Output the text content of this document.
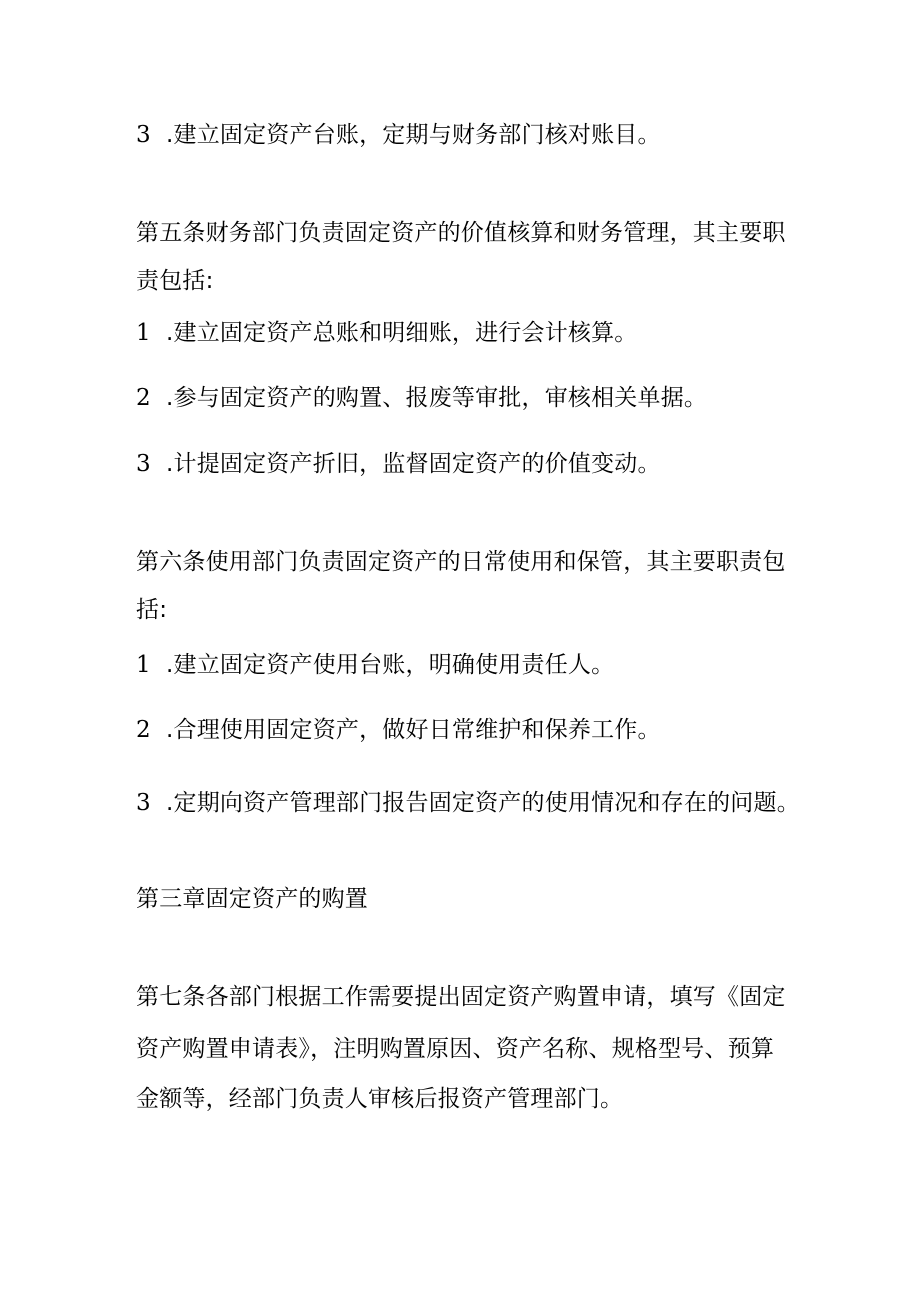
3 .建立固定资产台账，定期与财务部门核对账目。
第五条财务部门负责固定资产的价值核算和财务管理，其主要职
责包括:
1 .建立固定资产总账和明细账，进行会计核算。
2 .参与固定资产的购置、报废等审批，审核相关单据。
3 .计提固定资产折旧，监督固定资产的价值变动。
第六条使用部门负责固定资产的日常使用和保管，其主要职责包
括:
1 .建立固定资产使用台账，明确使用责任人。
2 .合理使用固定资产，做好日常维护和保养工作。
3 .定期向资产管理部门报告固定资产的使用情况和存在的问题。
第三章固定资产的购置
第七条各部门根据工作需要提出固定资产购置申请，填写《固定
资产购置申请表》，注明购置原因、资产名称、规格型号、预算
金额等，经部门负责人审核后报资产管理部门。
